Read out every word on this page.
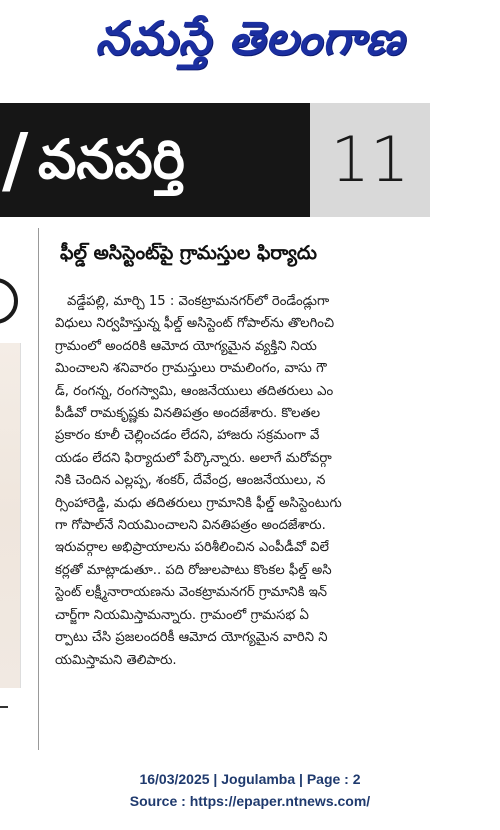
నమస్తే తెలంగాణ
/ వనపర్తి	11
ఫీల్డ్ అసిస్టెంట్‌పై గ్రామస్తుల ఫిర్యాదు
వడ్డేపల్లి, మార్చి 15 : వెంకట్రామనగర్‌లో రెండేండ్లుగా
విధులు నిర్వహిస్తున్న ఫీల్డ్ అసిస్టెంట్ గోపాల్‌ను తొలగించి
గ్రామంలో అందరికి ఆమోద యోగ్యమైన వ్యక్తిని నియ
మించాలని శనివారం గ్రామస్తులు రామలింగం, వాసు గౌ
డ్, రంగన్న, రంగస్వామి, ఆంజనేయులు తదితరులు ఎం
పీడీవో రామకృష్ణకు వినతిపత్రం అందజేశారు. కొలతల
ప్రకారం కూలీ చెల్లించడం లేదని, హాజరు సక్రమంగా వే
యడం లేదని ఫిర్యాదులో పేర్కొన్నారు. అలాగే మరోవర్గా
నికి చెందిన ఎల్లప్ప, శంకర్, దేవేంద్ర, ఆంజనేయులు, న
ర్సింహారెడ్డి, మధు తదితరులు గ్రామానికి ఫీల్డ్ అసిస్టెంటుగు
గా గోపాల్‌నే నియమించాలని వినతిపత్రం అందజేశారు.
ఇరువర్గాల అభిప్రాయాలను పరిశీలించిన ఎంపీడీవో విలే
కర్లతో మాట్లాడుతూ.. పది రోజులపాటు కొంకల ఫీల్డ్ అసి
స్టెంట్ లక్ష్మీనారాయణను వెంకట్రామనగర్ గ్రామానికి ఇన్
చార్జ్‌గా నియమిస్తామన్నారు. గ్రామంలో గ్రామసభ ఏ
ర్పాటు చేసి ప్రజలందరికీ ఆమోద యోగ్యమైన వారిని ని
యమిస్తామని తెలిపారు.
16/03/2025 | Jogulamba | Page : 2
Source : https://epaper.ntnews.com/
